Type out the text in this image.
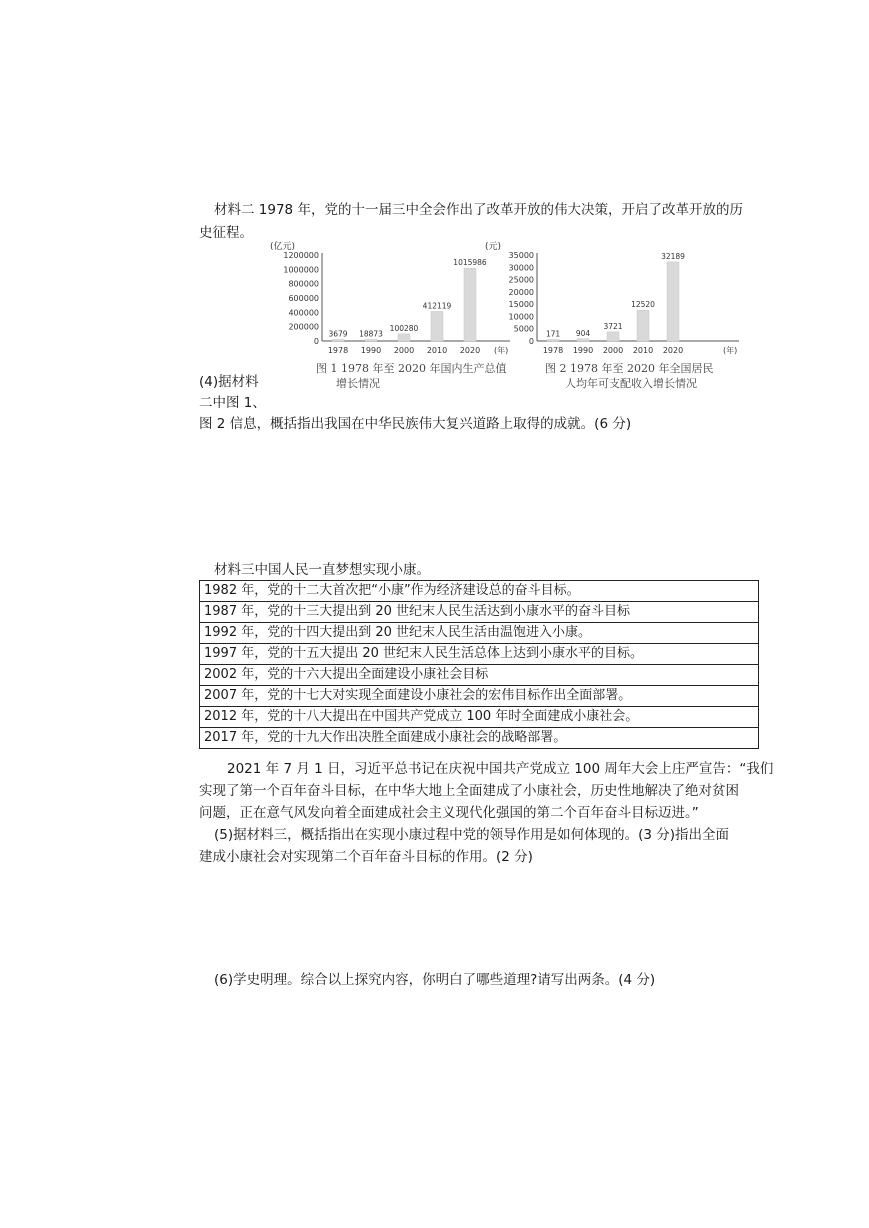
材料二 1978 年，党的十一届三中全会作出了改革开放的伟大决策，开启了改革开放的历
史征程。
(亿元)
1200000
1000000
800000
600000
400000
200000
0
3679
1978
18873
1990
100280
2000
412119
2010
1015986
2020 (年)
图 1 1978 年至 2020 年国内生产总值
增长情况
(元)
35000
30000
25000
20000
15000
10000
5000
0
171
1978
904
1990
3721
2000
12520
2010
32189
2020	(年)
图 2 1978 年至 2020 年全国居民
人均年可支配收入增长情况
(4)据材料
二中图 1、
图 2 信息，概括指出我国在中华民族伟大复兴道路上取得的成就。(6 分)
材料三中国人民一直梦想实现小康。
1982 年，党的十二大首次把“小康”作为经济建设总的奋斗目标。
1987 年，党的十三大提出到 20 世纪末人民生活达到小康水平的奋斗目标
1992 年，党的十四大提出到 20 世纪末人民生活由温饱进入小康。
1997 年，党的十五大提出 20 世纪末人民生活总体上达到小康水平的目标。
2002 年，党的十六大提出全面建设小康社会目标
2007 年，党的十七大对实现全面建设小康社会的宏伟目标作出全面部署。
2012 年，党的十八大提出在中国共产党成立 100 年时全面建成小康社会。
2017 年，党的十九大作出决胜全面建成小康社会的战略部署。
2021 年 7 月 1 日，习近平总书记在庆祝中国共产党成立 100 周年大会上庄严宣告：“我们
实现了第一个百年奋斗目标，在中华大地上全面建成了小康社会，历史性地解决了绝对贫困
问题，正在意气风发向着全面建成社会主义现代化强国的第二个百年奋斗目标迈进。”
(5)据材料三，概括指出在实现小康过程中党的领导作用是如何体现的。(3 分)指出全面
建成小康社会对实现第二个百年奋斗目标的作用。(2 分)
(6)学史明理。综合以上探究内容，你明白了哪些道理?请写出两条。(4 分)
